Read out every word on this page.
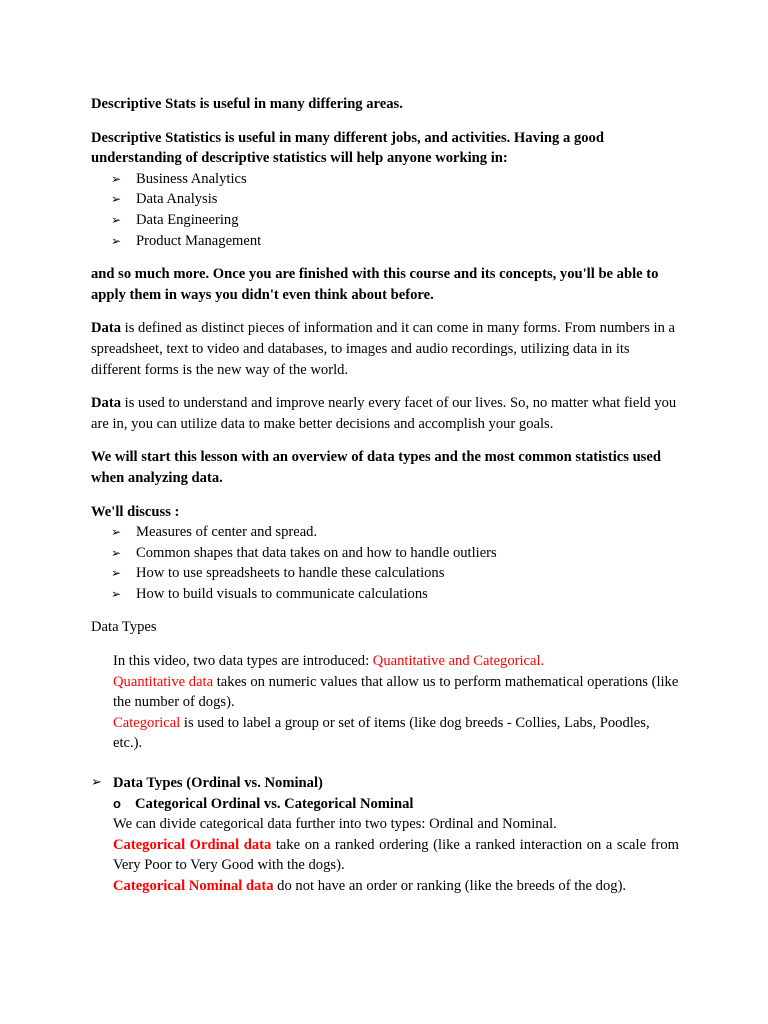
Descriptive Stats is useful in many differing areas.

Descriptive Statistics is useful in many different jobs, and activities. Having a good understanding of descriptive statistics will help anyone working in:

➢ Business Analytics
➢ Data Analysis
➢ Data Engineering
➢ Product Management

and so much more. Once you are finished with this course and its concepts, you'll be able to apply them in ways you didn't even think about before.

Data is defined as distinct pieces of information and it can come in many forms. From numbers in a spreadsheet, text to video and databases, to images and audio recordings, utilizing data in its different forms is the new way of the world.

Data is used to understand and improve nearly every facet of our lives. So, no matter what field you are in, you can utilize data to make better decisions and accomplish your goals.

We will start this lesson with an overview of data types and the most common statistics used when analyzing data.

We'll discuss :

➢ Measures of center and spread.
➢ Common shapes that data takes on and how to handle outliers
➢ How to use spreadsheets to handle these calculations
➢ How to build visuals to communicate calculations

Data Types

In this video, two data types are introduced: Quantitative and Categorical.

Quantitative data takes on numeric values that allow us to perform mathematical operations (like the number of dogs).

Categorical is used to label a group or set of items (like dog breeds - Collies, Labs, Poodles, etc.).

➢ Data Types (Ordinal vs. Nominal)

o Categorical Ordinal vs. Categorical Nominal

We can divide categorical data further into two types: Ordinal and Nominal.

Categorical Ordinal data take on a ranked ordering (like a ranked interaction on a scale from Very Poor to Very Good with the dogs).

Categorical Nominal data do not have an order or ranking (like the breeds of the dog).
